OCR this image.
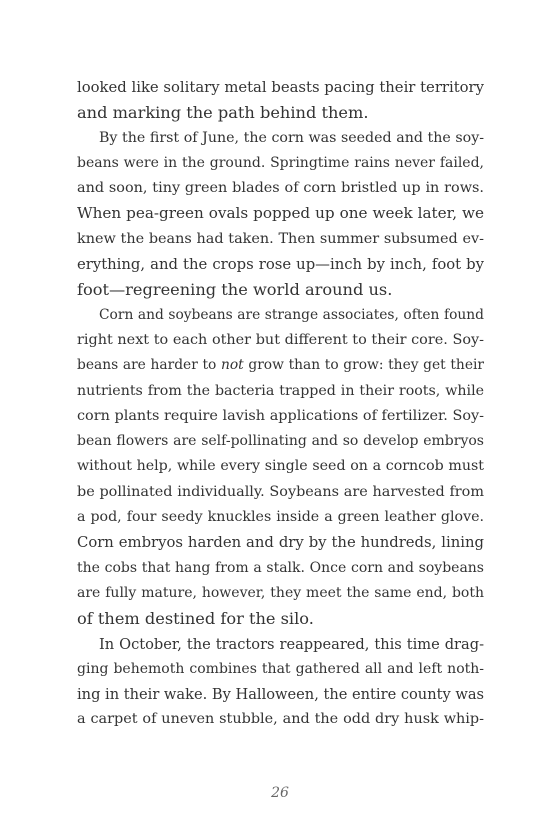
looked like solitary metal beasts pacing their territory
and marking the path behind them.
By the first of June, the corn was seeded and the soy-
beans were in the ground. Springtime rains never failed,
and soon, tiny green blades of corn bristled up in rows.
When pea-green ovals popped up one week later, we
knew the beans had taken. Then summer subsumed ev-
erything, and the crops rose up—inch by inch, foot by
foot—regreening the world around us.
Corn and soybeans are strange associates, often found
right next to each other but different to their core. Soy-
beans are harder to not grow than to grow: they get their
nutrients from the bacteria trapped in their roots, while
corn plants require lavish applications of fertilizer. Soy-
bean flowers are self-pollinating and so develop embryos
without help, while every single seed on a corncob must
be pollinated individually. Soybeans are harvested from
a pod, four seedy knuckles inside a green leather glove.
Corn embryos harden and dry by the hundreds, lining
the cobs that hang from a stalk. Once corn and soybeans
are fully mature, however, they meet the same end, both
of them destined for the silo.
In October, the tractors reappeared, this time drag-
ging behemoth combines that gathered all and left noth-
ing in their wake. By Halloween, the entire county was
a carpet of uneven stubble, and the odd dry husk whip-
26
